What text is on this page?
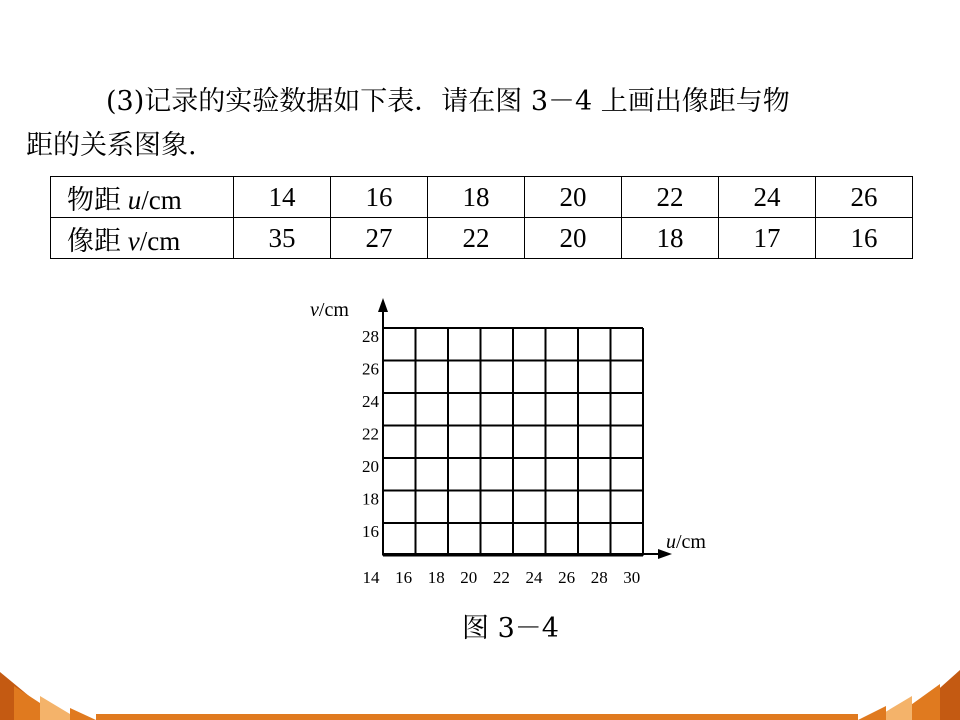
(3)记录的实验数据如下表．请在图 3－4 上画出像距与物
距的关系图象.
物距 u/cm	14	16	18	20	22	24	26
像距 v/cm	35	27	22	20	18	17	16
v/cm
u/cm
28
26
24
22
20
18
16
14 16 18 20 22 24 26 28 30
图 3－4
